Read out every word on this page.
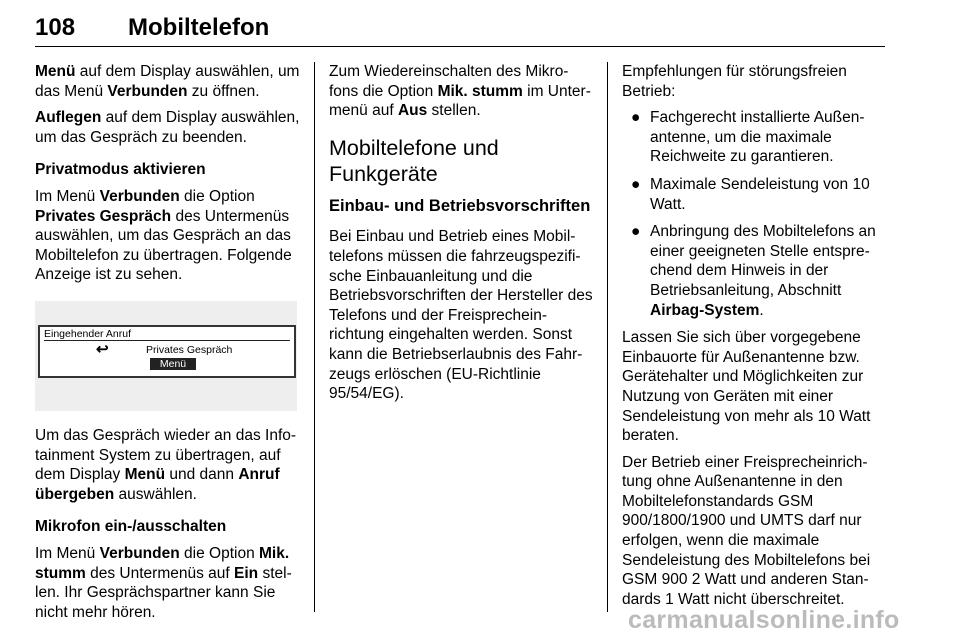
108 Mobiltelefon

Menü auf dem Display auswählen, um das Menü Verbunden zu öffnen.

Auflegen auf dem Display auswählen, um das Gespräch zu beenden.

Privatmodus aktivieren

Im Menü Verbunden die Option Privates Gespräch des Untermenüs auswählen, um das Gespräch an das Mobiltelefon zu übertragen. Folgende Anzeige ist zu sehen.

Eingehender Anruf
↩	Privates Gespräch
Menü

Um das Gespräch wieder an das Info-tainment System zu übertragen, auf dem Display Menü und dann Anruf übergeben auswählen.

Mikrofon ein-/ausschalten

Im Menü Verbunden die Option Mik. stumm des Untermenüs auf Ein stel-len. Ihr Gesprächspartner kann Sie nicht mehr hören.

Zum Wiedereinschalten des Mikro-fons die Option Mik. stumm im Unter-menü auf Aus stellen.

Mobiltelefone und Funkgeräte
Einbau- und Betriebsvorschriften

Bei Einbau und Betrieb eines Mobil-telefons müssen die fahrzeugspezifi-sche Einbauanleitung und die Betriebsvorschriften der Hersteller des Telefons und der Freisprechein-richtung eingehalten werden. Sonst kann die Betriebserlaubnis des Fahr-zeugs erlöschen (EU-Richtlinie 95/54/EG).

Empfehlungen für störungsfreien Betrieb:

● Fachgerecht installierte Außen-antenne, um die maximale Reichweite zu garantieren.
● Maximale Sendeleistung von 10 Watt.
● Anbringung des Mobiltelefons an einer geeigneten Stelle entspre-chend dem Hinweis in der Betriebsanleitung, Abschnitt Airbag-System.

Lassen Sie sich über vorgegebene Einbauorte für Außenantenne bzw. Gerätehalter und Möglichkeiten zur Nutzung von Geräten mit einer Sendeleistung von mehr als 10 Watt beraten.

Der Betrieb einer Freisprecheinrich-tung ohne Außenantenne in den Mobiltelefonstandards GSM 900/1800/1900 und UMTS darf nur erfolgen, wenn die maximale Sendeleistung des Mobiltelefons bei GSM 900 2 Watt und anderen Stan-dards 1 Watt nicht überschreitet.

carmanualsonline.info
